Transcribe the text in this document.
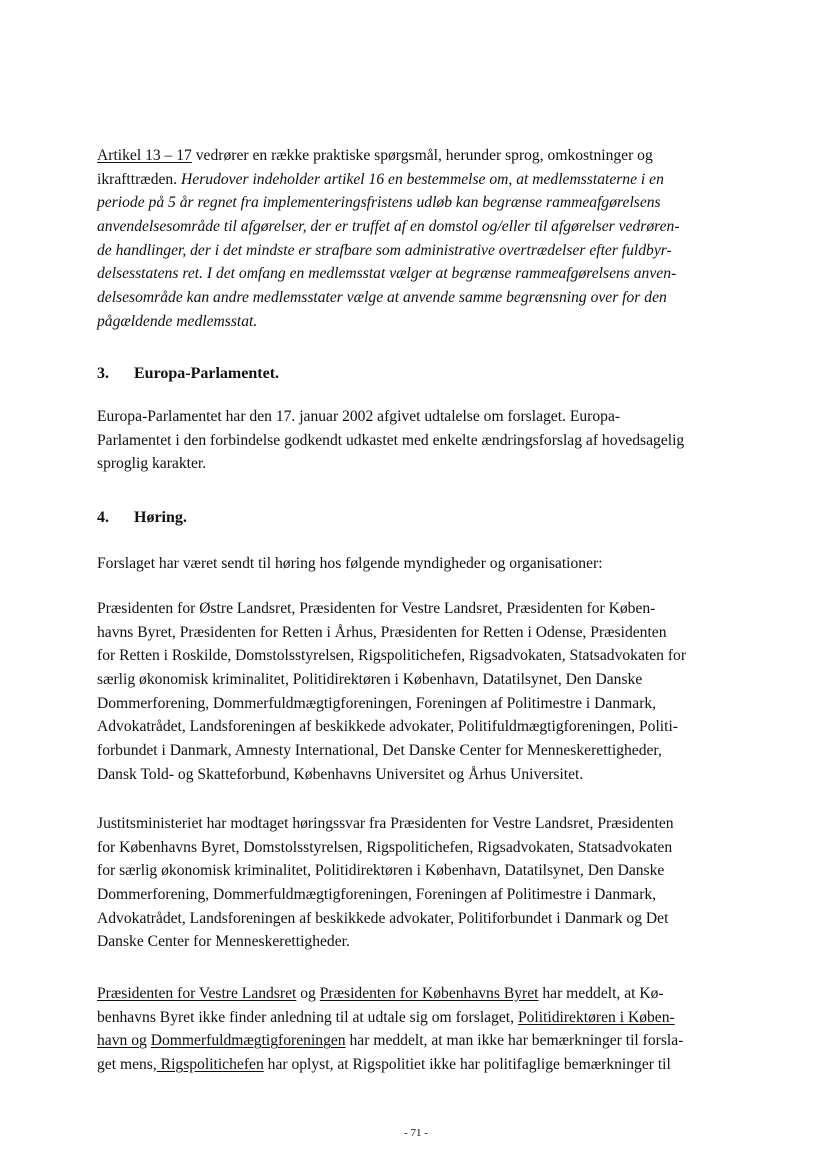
Artikel 13 – 17 vedrører en række praktiske spørgsmål, herunder sprog, omkostninger og
ikrafttræden. Herudover indeholder artikel 16 en bestemmelse om, at medlemsstaterne i en
periode på 5 år regnet fra implementeringsfristens udløb kan begrænse rammeafgørelsens
anvendelsesområde til afgørelser, der er truffet af en domstol og/eller til afgørelser vedrøren-
de handlinger, der i det mindste er strafbare som administrative overtrædelser efter fuldbyr-
delsesstatens ret. I det omfang en medlemsstat vælger at begrænse rammeafgørelsens anven-
delsesområde kan andre medlemsstater vælge at anvende samme begrænsning over for den
pågældende medlemsstat.
3. Europa-Parlamentet.
Europa-Parlamentet har den 17. januar 2002 afgivet udtalelse om forslaget. Europa-
Parlamentet i den forbindelse godkendt udkastet med enkelte ændringsforslag af hovedsagelig
sproglig karakter.
4. Høring.
Forslaget har været sendt til høring hos følgende myndigheder og organisationer:
Præsidenten for Østre Landsret, Præsidenten for Vestre Landsret, Præsidenten for Køben-
havns Byret, Præsidenten for Retten i Århus, Præsidenten for Retten i Odense, Præsidenten
for Retten i Roskilde, Domstolsstyrelsen, Rigspolitichefen, Rigsadvokaten, Statsadvokaten for
særlig økonomisk kriminalitet, Politidirektøren i København, Datatilsynet, Den Danske
Dommerforening, Dommerfuldmægtigforeningen, Foreningen af Politimestre i Danmark,
Advokatrådet, Landsforeningen af beskikkede advokater, Politifuldmægtigforeningen, Politi-
forbundet i Danmark, Amnesty International, Det Danske Center for Menneskerettigheder,
Dansk Told- og Skatteforbund, Københavns Universitet og Århus Universitet.
Justitsministeriet har modtaget høringssvar fra Præsidenten for Vestre Landsret, Præsidenten
for Københavns Byret, Domstolsstyrelsen, Rigspolitichefen, Rigsadvokaten, Statsadvokaten
for særlig økonomisk kriminalitet, Politidirektøren i København, Datatilsynet, Den Danske
Dommerforening, Dommerfuldmægtigforeningen, Foreningen af Politimestre i Danmark,
Advokatrådet, Landsforeningen af beskikkede advokater, Politiforbundet i Danmark og Det
Danske Center for Menneskerettigheder.
Præsidenten for Vestre Landsret og Præsidenten for Københavns Byret har meddelt, at Kø-
benhavns Byret ikke finder anledning til at udtale sig om forslaget, Politidirektøren i Køben-
havn og Dommerfuldmægtigforeningen har meddelt, at man ikke har bemærkninger til forsla-
get mens, Rigspolitichefen har oplyst, at Rigspolitiet ikke har politifaglige bemærkninger til
- 71 -
